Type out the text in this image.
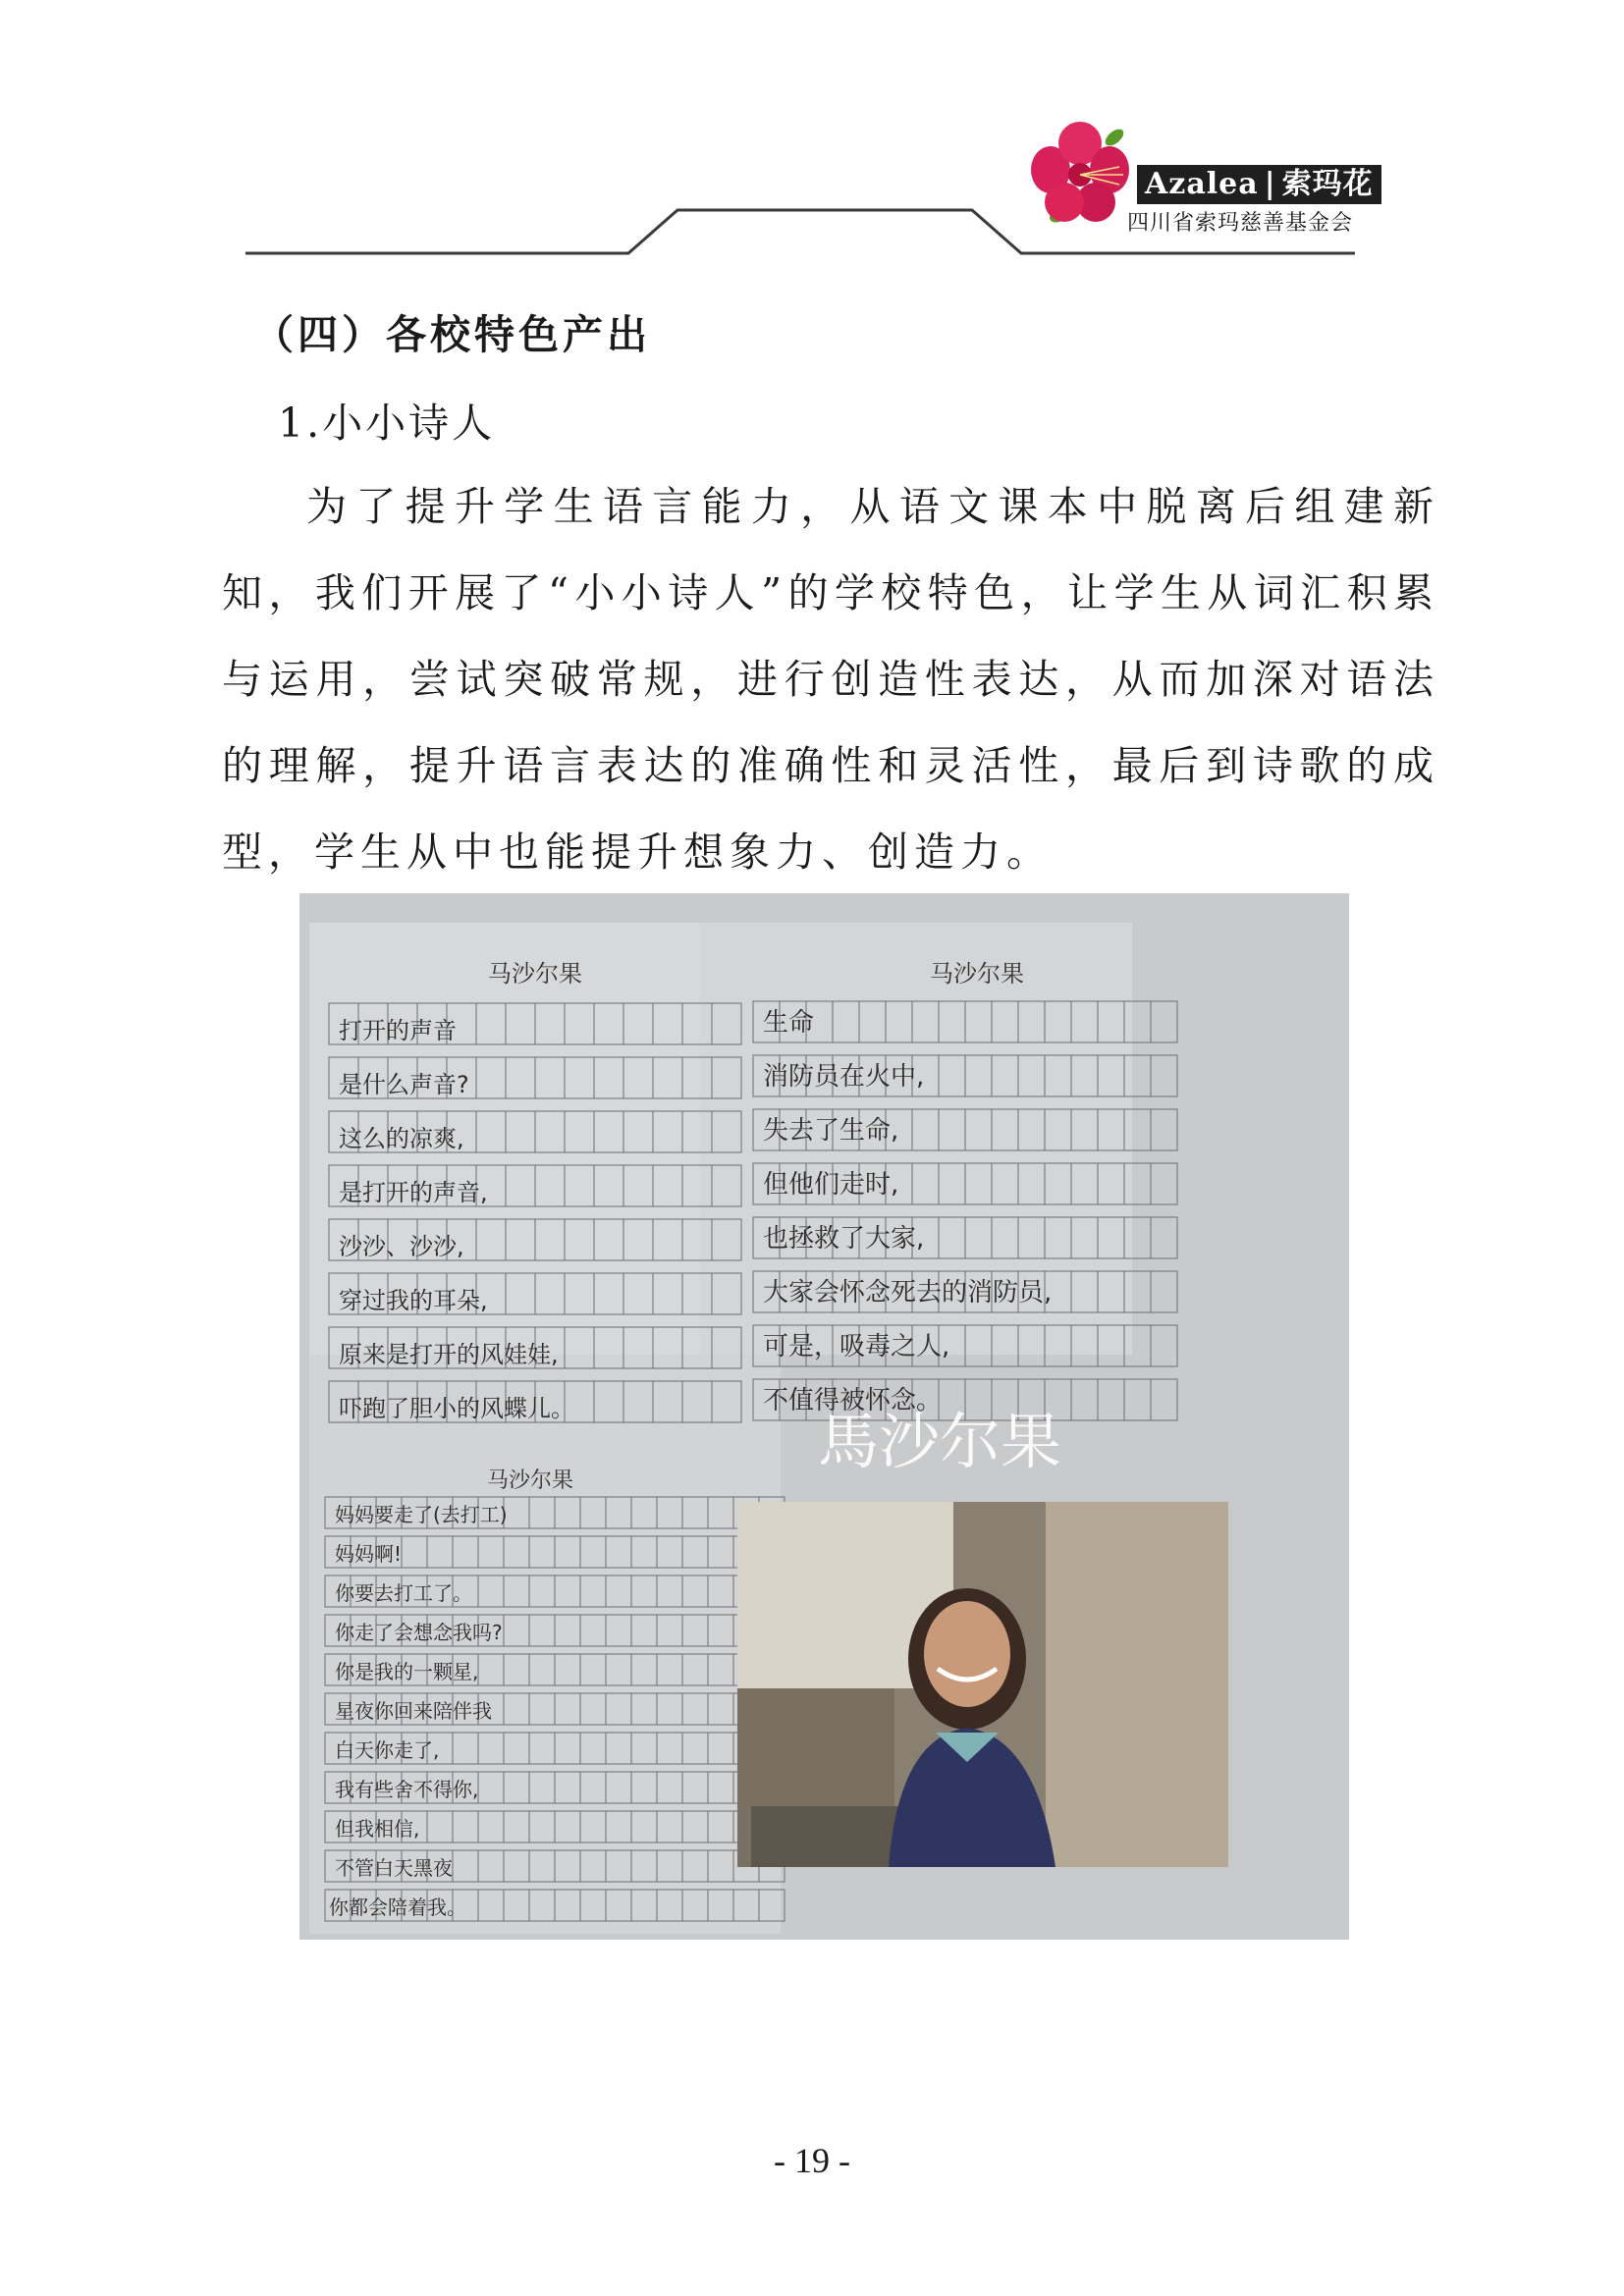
Azalea | 索玛花
四川省索玛慈善基金会
（四）各校特色产出
1.小小诗人
为了提升学生语言能力，从语文课本中脱离后组建新知，我们开展了“小小诗人”的学校特色，让学生从词汇积累与运用，尝试突破常规，进行创造性表达，从而加深对语法的理解，提升语言表达的准确性和灵活性，最后到诗歌的成型，学生从中也能提升想象力、创造力。
马沙尔果
打开的声音
是什么声音?
这么的凉爽,
是打开的声音,
沙沙、沙沙,
穿过我的耳朵,
原来是打开的风娃娃,
吓跑了胆小的风蝶儿。
马沙尔果
生命
消防员在火中,
失去了生命,
但他们走时,
也拯救了大家,
大家会怀念死去的消防员,
可是，吸毒之人,
不值得被怀念。
马沙尔果
妈妈要走了(去打工)
妈妈啊!
你要去打工了。
你走了会想念我吗?
你是我的一颗星,
星夜你回来陪伴我
白天你走了,
我有些舍不得你,
但我相信,
不管白天黑夜
你都会陪着我。
馬沙尔果
- 19 -
